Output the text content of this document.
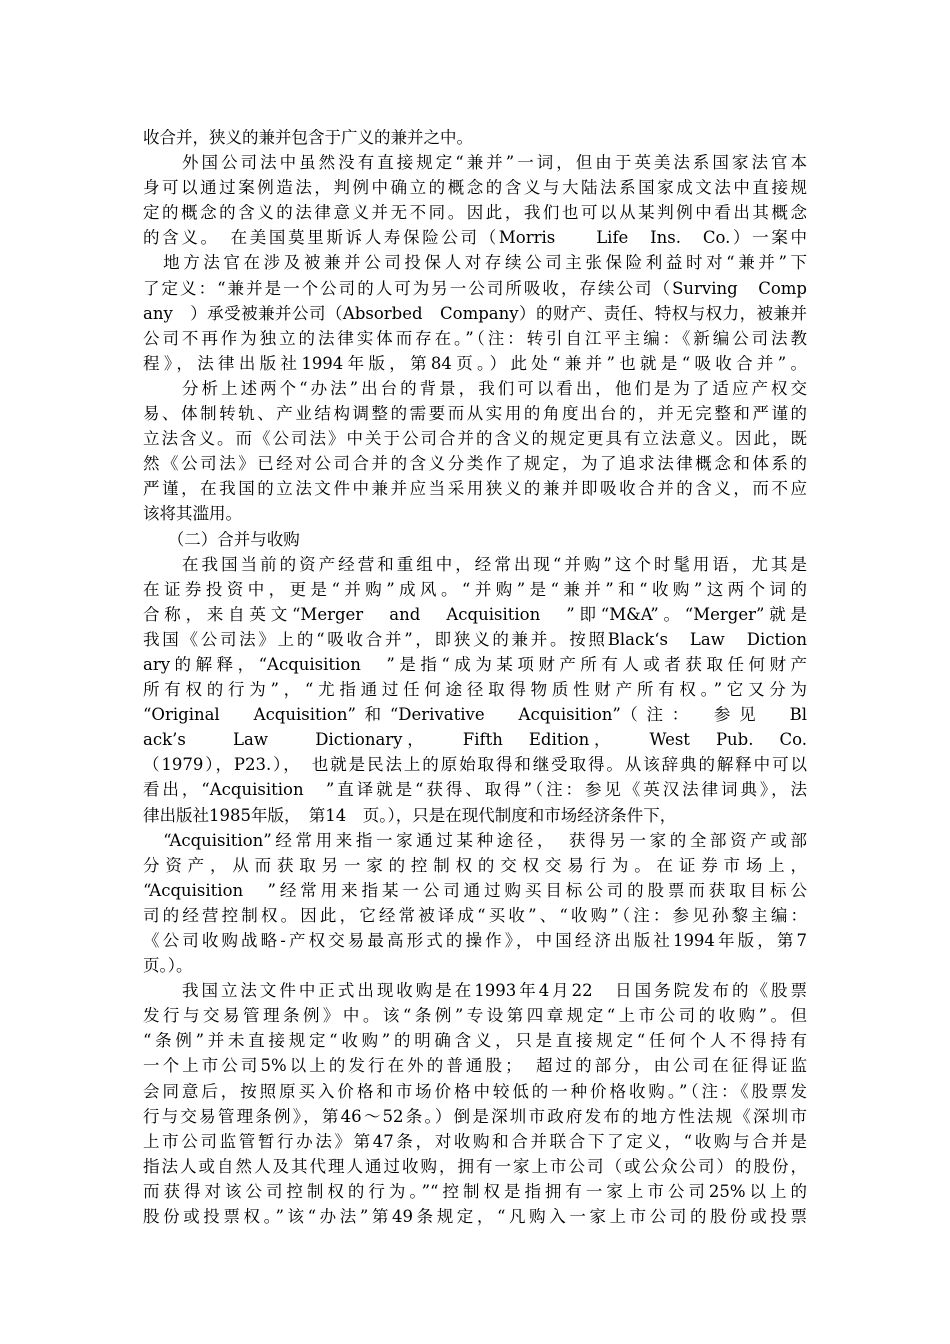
收合并，狭义的兼并包含于广义的兼并之中。
　　外国公司法中虽然没有直接规定“兼并”一词，但由于英美法系国家法官本
身可以通过案例造法，判例中确立的概念的含义与大陆法系国家成文法中直接规
定的概念的含义的法律意义并无不同。因此，我们也可以从某判例中看出其概念
的含义。　在美国莫里斯诉人寿保险公司（Morris　　Life　Ins.　Co.）一案中
　地方法官在涉及被兼并公司投保人对存续公司主张保险利益时对“兼并”下
了定义：“兼并是一个公司的人可为另一公司所吸收，存续公司（Surving　Comp
any　）承受被兼并公司（Absorbed　Company）的财产、责任、特权与权力，被兼并
公司不再作为独立的法律实体而存在。”（注：转引自江平主编：《新编公司法教
程》，法律出版社1994年版，第84页。）此处“兼并”也就是“吸收合并”。
　　分析上述两个“办法”出台的背景，我们可以看出，他们是为了适应产权交
易、体制转轨、产业结构调整的需要而从实用的角度出台的，并无完整和严谨的
立法含义。而《公司法》中关于公司合并的含义的规定更具有立法意义。因此，既
然《公司法》已经对公司合并的含义分类作了规定，为了追求法律概念和体系的
严谨，在我国的立法文件中兼并应当采用狭义的兼并即吸收合并的含义，而不应
该将其滥用。
　　（二）合并与收购
　　在我国当前的资产经营和重组中，经常出现“并购”这个时髦用语，尤其是
在证券投资中，更是“并购”成风。“并购”是“兼并”和“收购”这两个词的
合称，来自英文“Merger　and　Acquisition　”即“M&A”。“Merger”就是
我国《公司法》上的“吸收合并”，即狭义的兼并。按照Black‘s　Law　Diction
ary的解释，“Acquisition　”是指“成为某项财产所有人或者获取任何财产
所有权的行为”，“尤指通过任何途径取得物质性财产所有权。”它又分为
“Original　Acquisition”和“Derivative　Acquisition”（注：　参见　Bl
ack’s　　Law　　Dictionary，　　Fifth　Edition，　　West　Pub.　Co.
（1979），P23.），　也就是民法上的原始取得和继受取得。从该辞典的解释中可以
看出，“Acquisition　”直译就是“获得、取得”（注：参见《英汉法律词典》，法
律出版社1985年版，　第14　页。），只是在现代制度和市场经济条件下，
　“Acquisition”经常用来指一家通过某种途径，　获得另一家的全部资产或部
分资产，从而获取另一家的控制权的交权交易行为。在证券市场上，
“Acquisition　”经常用来指某一公司通过购买目标公司的股票而获取目标公
司的经营控制权。因此，它经常被译成“买收”、“收购”（注：参见孙黎主编：
《公司收购战略-产权交易最高形式的操作》，中国经济出版社1994年版，第7
页。）。
　　我国立法文件中正式出现收购是在1993年4月22　日国务院发布的《股票
发行与交易管理条例》中。该“条例”专设第四章规定“上市公司的收购”。但
“条例”并未直接规定“收购”的明确含义，只是直接规定“任何个人不得持有
一个上市公司5%以上的发行在外的普通股；　超过的部分，由公司在征得证监
会同意后，按照原买入价格和市场价格中较低的一种价格收购。”（注：《股票发
行与交易管理条例》，第46～52条。）倒是深圳市政府发布的地方性法规《深圳市
上市公司监管暂行办法》第47条，对收购和合并联合下了定义，“收购与合并是
指法人或自然人及其代理人通过收购，拥有一家上市公司（或公众公司）的股份，
而获得对该公司控制权的行为。”“控制权是指拥有一家上市公司25%以上的
股份或投票权。”该“办法”第49条规定，“凡购入一家上市公司的股份或投票
